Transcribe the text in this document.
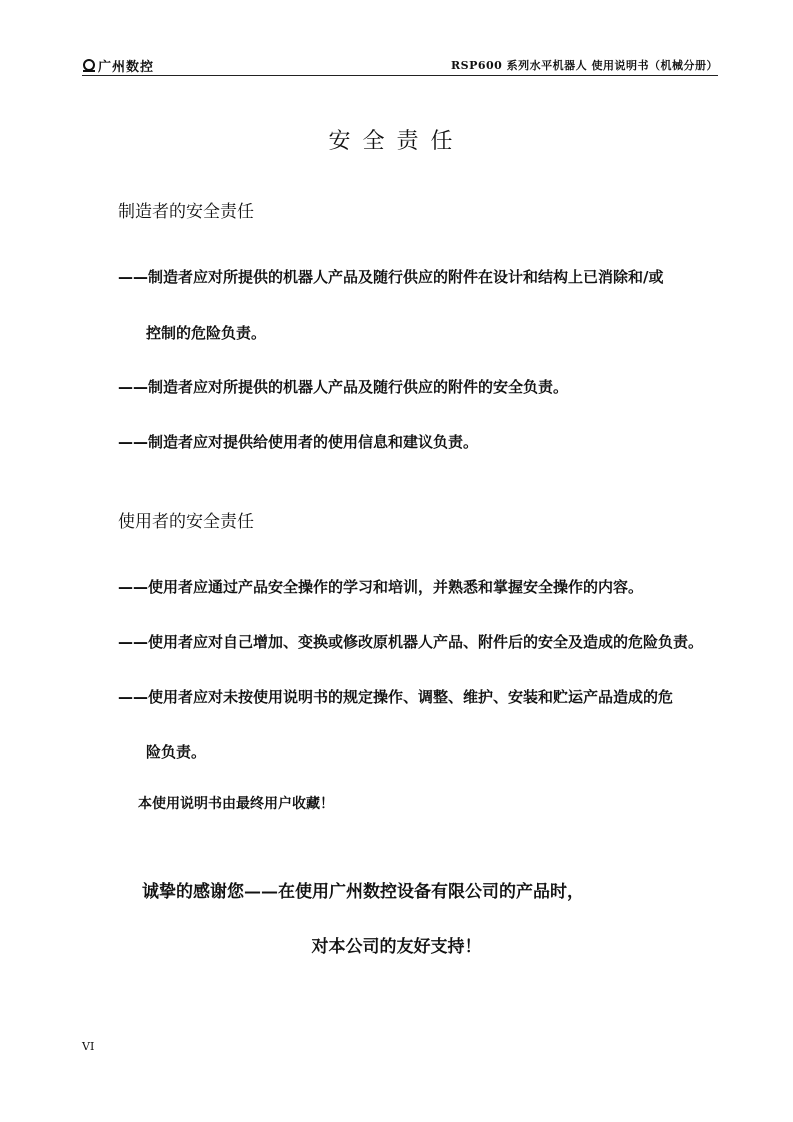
广州数控	RSP600 系列水平机器人 使用说明书（机械分册）
安全责任
制造者的安全责任
——制造者应对所提供的机器人产品及随行供应的附件在设计和结构上已消除和/或
控制的危险负责。
——制造者应对所提供的机器人产品及随行供应的附件的安全负责。
——制造者应对提供给使用者的使用信息和建议负责。
使用者的安全责任
——使用者应通过产品安全操作的学习和培训，并熟悉和掌握安全操作的内容。
——使用者应对自己增加、变换或修改原机器人产品、附件后的安全及造成的危险负责。
——使用者应对未按使用说明书的规定操作、调整、维护、安装和贮运产品造成的危
险负责。
本使用说明书由最终用户收藏！
诚挚的感谢您——在使用广州数控设备有限公司的产品时，
对本公司的友好支持！
VI
